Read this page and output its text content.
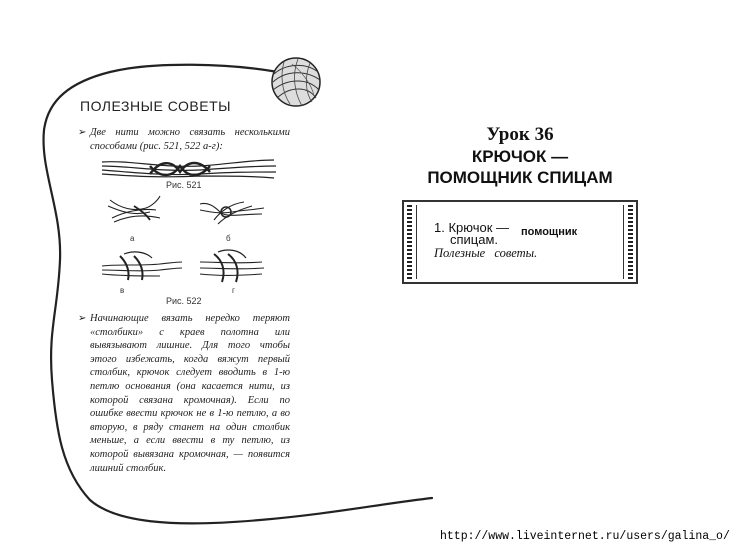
ПОЛЕЗНЫЕ СОВЕТЫ
➢ Две нити можно связать несколькими способами (рис. 521, 522 а-г):
Рис. 521
а	б
в	г
Рис. 522
➢ Начинающие вязать нередко теряют «столбики» с краев полотна или вывязывают лишние. Для того чтобы этого избежать, когда вяжут первый столбик, крючок следует вводить в 1-ю петлю основания (она касается нити, из которой связана кромочная). Если по ошибке ввести крючок не в 1-ю петлю, а во вторую, в ряду станет на один столбик меньше, а если ввести в ту петлю, из которой вывязана кромочная, — появится лишний столбик.
Урок 36
КРЮЧОК —
ПОМОЩНИК СПИЦАМ
1. Крючок — помощник
спицам.
Полезные советы.
http://www.liveinternet.ru/users/galina_o/
